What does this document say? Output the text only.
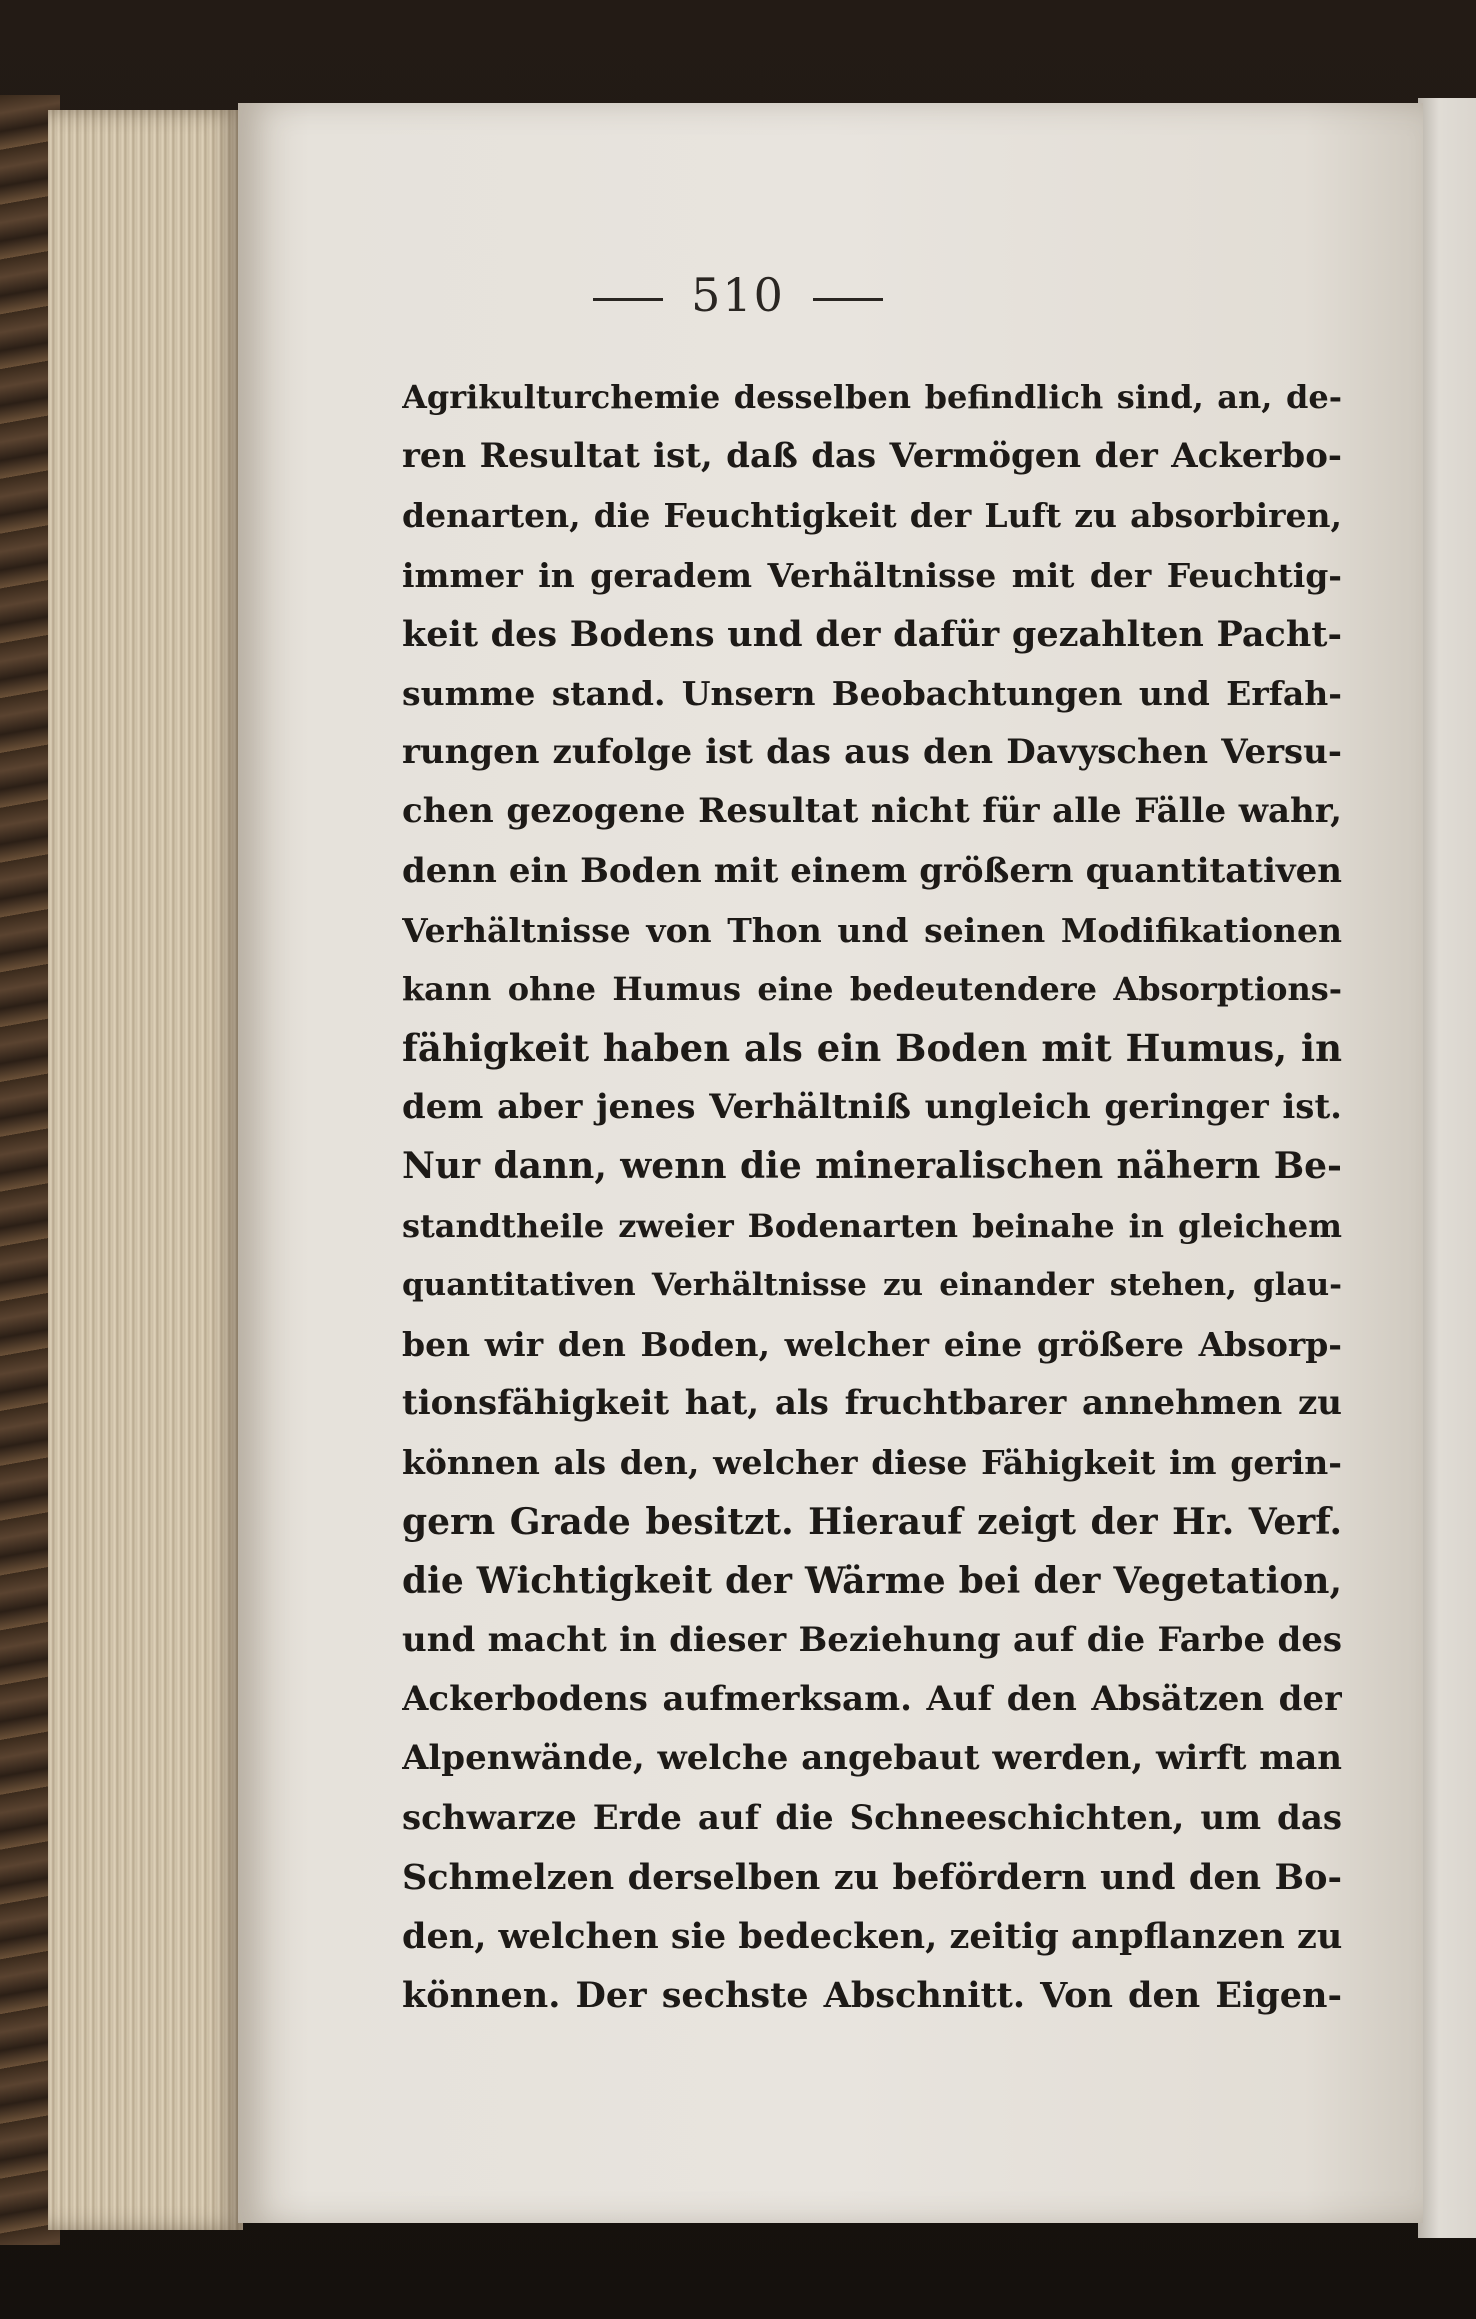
510
Agrikulturchemie desselben befindlich sind, an, de-
ren Resultat ist, daß das Vermögen der Ackerbo-
denarten, die Feuchtigkeit der Luft zu absorbiren,
immer in geradem Verhältnisse mit der Feuchtig-
keit des Bodens und der dafür gezahlten Pacht-
summe stand. Unsern Beobachtungen und Erfah-
rungen zufolge ist das aus den Davyschen Versu-
chen gezogene Resultat nicht für alle Fälle wahr,
denn ein Boden mit einem größern quantitativen
Verhältnisse von Thon und seinen Modifikationen
kann ohne Humus eine bedeutendere Absorptions-
fähigkeit haben als ein Boden mit Humus, in
dem aber jenes Verhältniß ungleich geringer ist.
Nur dann, wenn die mineralischen nähern Be-
standtheile zweier Bodenarten beinahe in gleichem
quantitativen Verhältnisse zu einander stehen, glau-
ben wir den Boden, welcher eine größere Absorp-
tionsfähigkeit hat, als fruchtbarer annehmen zu
können als den, welcher diese Fähigkeit im gerin-
gern Grade besitzt. Hierauf zeigt der Hr. Verf.
die Wichtigkeit der Wärme bei der Vegetation,
und macht in dieser Beziehung auf die Farbe des
Ackerbodens aufmerksam. Auf den Absätzen der
Alpenwände, welche angebaut werden, wirft man
schwarze Erde auf die Schneeschichten, um das
Schmelzen derselben zu befördern und den Bo-
den, welchen sie bedecken, zeitig anpflanzen zu
können. Der sechste Abschnitt. Von den Eigen-
